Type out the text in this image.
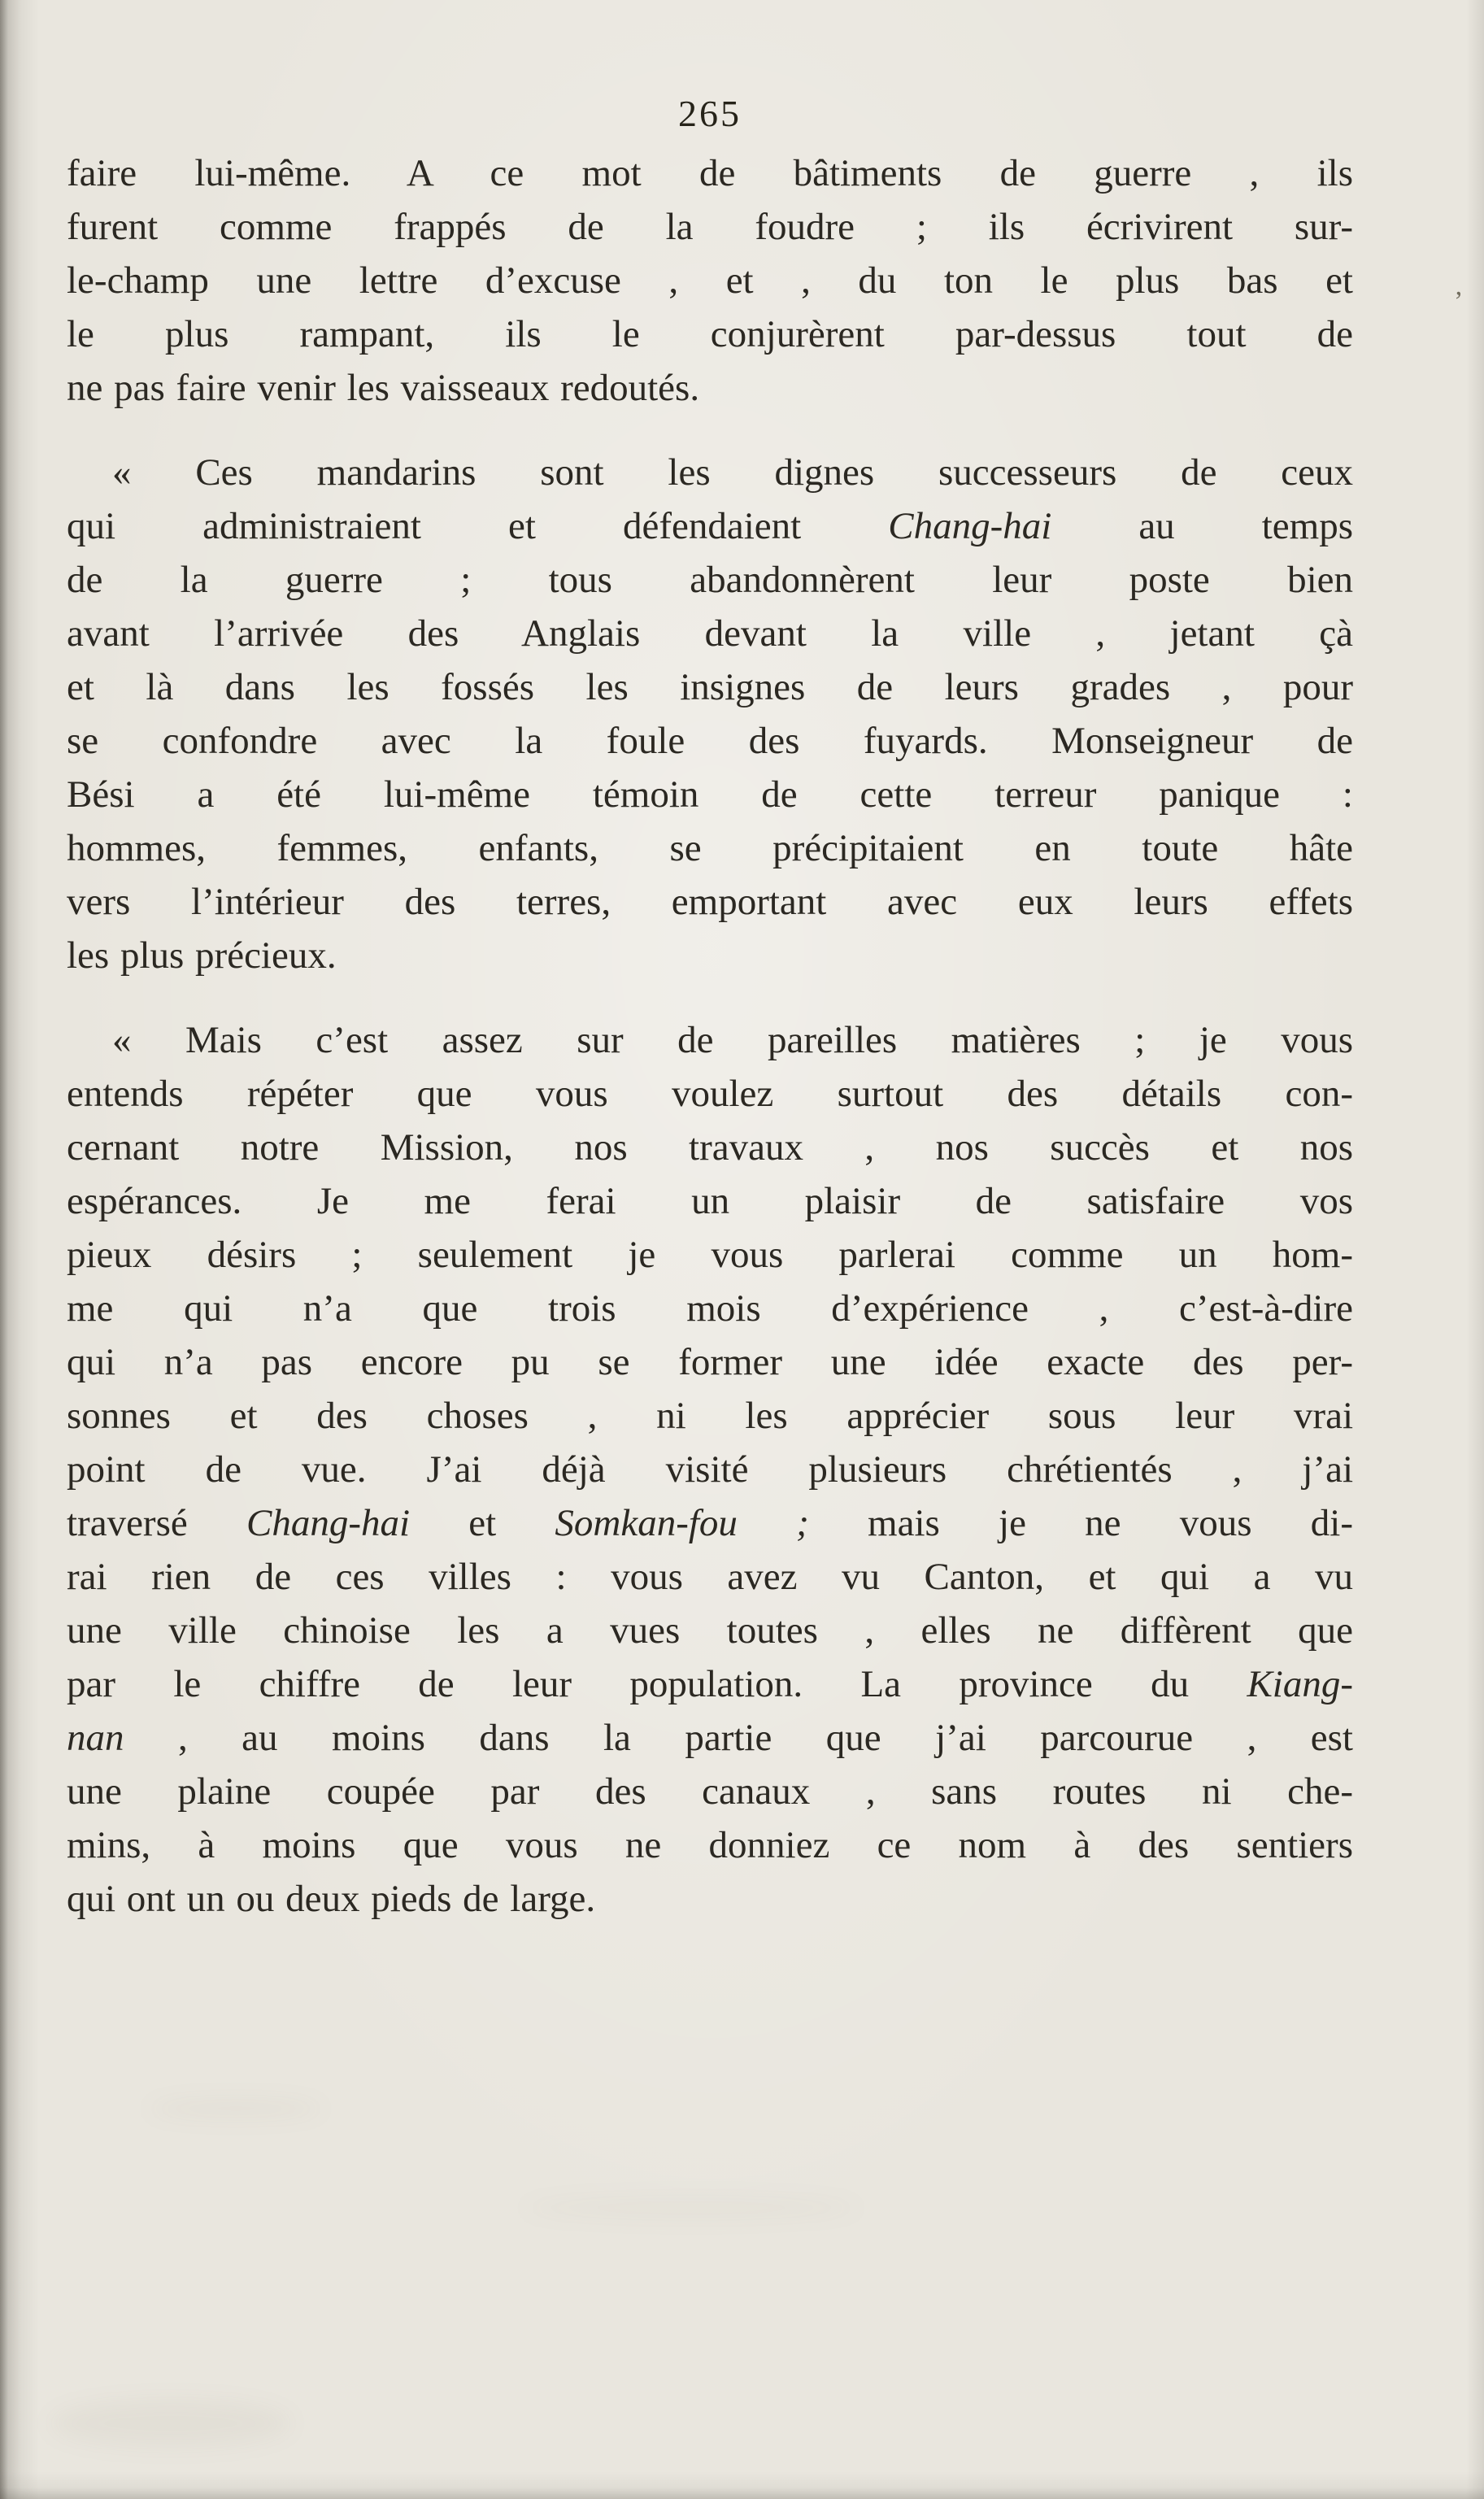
265
faire lui-même. A ce mot de bâtiments de guerre , ils
furent comme frappés de la foudre ; ils écrivirent sur-
le-champ une lettre d’excuse , et , du ton le plus bas et
le plus rampant, ils le conjurèrent par-dessus tout de
ne pas faire venir les vaisseaux redoutés.
« Ces mandarins sont les dignes successeurs de ceux
qui administraient et défendaient Chang-hai au temps
de la guerre ; tous abandonnèrent leur poste bien
avant l’arrivée des Anglais devant la ville , jetant çà
et là dans les fossés les insignes de leurs grades , pour
se confondre avec la foule des fuyards. Monseigneur de
Bési a été lui-même témoin de cette terreur panique :
hommes, femmes, enfants, se précipitaient en toute hâte
vers l’intérieur des terres, emportant avec eux leurs effets
les plus précieux.
« Mais c’est assez sur de pareilles matières ; je vous
entends répéter que vous voulez surtout des détails con-
cernant notre Mission, nos travaux , nos succès et nos
espérances. Je me ferai un plaisir de satisfaire vos
pieux désirs ; seulement je vous parlerai comme un hom-
me qui n’a que trois mois d’expérience , c’est-à-dire
qui n’a pas encore pu se former une idée exacte des per-
sonnes et des choses , ni les apprécier sous leur vrai
point de vue. J’ai déjà visité plusieurs chrétientés , j’ai
traversé Chang-hai et Somkan-fou ; mais je ne vous di-
rai rien de ces villes : vous avez vu Canton, et qui a vu
une ville chinoise les a vues toutes , elles ne diffèrent que
par le chiffre de leur population. La province du Kiang-
nan , au moins dans la partie que j’ai parcourue , est
une plaine coupée par des canaux , sans routes ni che-
mins, à moins que vous ne donniez ce nom à des sentiers
qui ont un ou deux pieds de large.
’
